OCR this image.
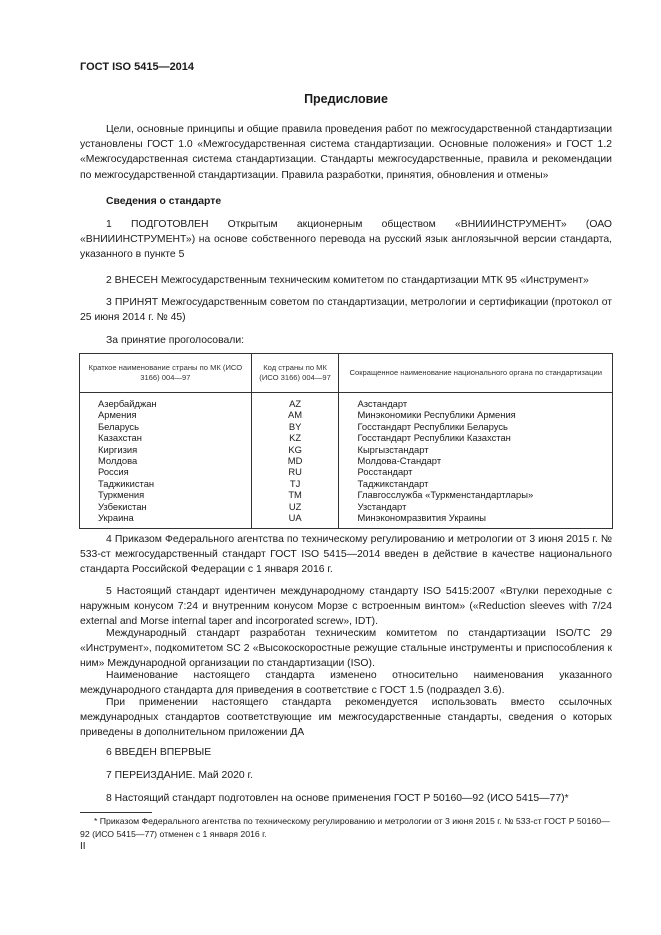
ГОСТ ISO 5415—2014
Предисловие

Цели, основные принципы и общие правила проведения работ по межгосударственной стандартизации установлены ГОСТ 1.0 «Межгосударственная система стандартизации. Основные положения» и ГОСТ 1.2 «Межгосударственная система стандартизации. Стандарты межгосударственные, правила и рекомендации по межгосударственной стандартизации. Правила разработки, принятия, обновления и отмены»

Сведения о стандарте

1 ПОДГОТОВЛЕН Открытым акционерным обществом «ВНИИИНСТРУМЕНТ» (ОАО «ВНИИИНСТРУМЕНТ») на основе собственного перевода на русский язык англоязычной версии стандарта, указанного в пункте 5

2 ВНЕСЕН Межгосударственным техническим комитетом по стандартизации МТК 95 «Инструмент»

3 ПРИНЯТ Межгосударственным советом по стандартизации, метрологии и сертификации (протокол от 25 июня 2014 г. № 45)

За принятие проголосовали:

Краткое наименование страны по МК (ИСО 3166) 004—97	Код страны по МК (ИСО 3166) 004—97	Сокращенное наименование национального органа по стандартизации
Азербайджан	AZ	Азстандарт
Армения	AM	Минэкономики Республики Армения
Беларусь	BY	Госстандарт Республики Беларусь
Казахстан	KZ	Госстандарт Республики Казахстан
Киргизия	KG	Кыргызстандарт
Молдова	MD	Молдова-Стандарт
Россия	RU	Росстандарт
Таджикистан	TJ	Таджикстандарт
Туркмения	TM	Главгосслужба «Туркменстандартлары»
Узбекистан	UZ	Узстандарт
Украина	UA	Минэкономразвития Украины

4 Приказом Федерального агентства по техническому регулированию и метрологии от 3 июня 2015 г. № 533-ст межгосударственный стандарт ГОСТ ISO 5415—2014 введен в действие в качестве национального стандарта Российской Федерации с 1 января 2016 г.

5 Настоящий стандарт идентичен международному стандарту ISO 5415:2007 «Втулки переходные с наружным конусом 7:24 и внутренним конусом Морзе с встроенным винтом» («Reduction sleeves with 7/24 external and Morse internal taper and incorporated screw», IDT).

Международный стандарт разработан техническим комитетом по стандартизации ISO/TC 29 «Инструмент», подкомитетом SC 2 «Высокоскоростные режущие стальные инструменты и приспособления к ним» Международной организации по стандартизации (ISO).

Наименование настоящего стандарта изменено относительно наименования указанного международного стандарта для приведения в соответствие с ГОСТ 1.5 (подраздел 3.6).

При применении настоящего стандарта рекомендуется использовать вместо ссылочных международных стандартов соответствующие им межгосударственные стандарты, сведения о которых приведены в дополнительном приложении ДА

6 ВВЕДЕН ВПЕРВЫЕ

7 ПЕРЕИЗДАНИЕ. Май 2020 г.

8 Настоящий стандарт подготовлен на основе применения ГОСТ Р 50160—92 (ИСО 5415—77)*

* Приказом Федерального агентства по техническому регулированию и метрологии от 3 июня 2015 г. № 533-ст ГОСТ Р 50160—92 (ИСО 5415—77) отменен с 1 января 2016 г.

II
